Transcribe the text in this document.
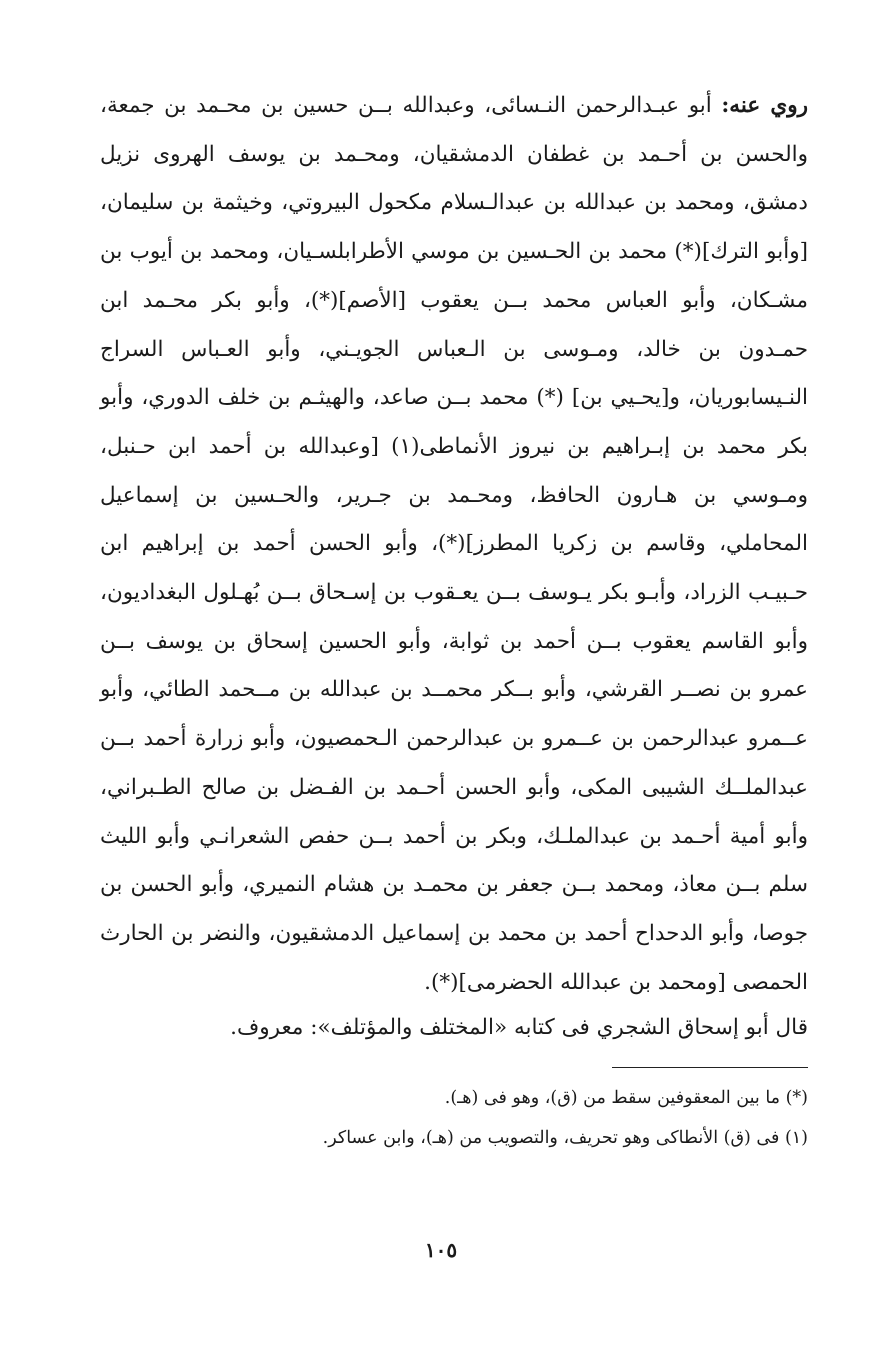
روي عنه: أبو عبـدالرحمن النـسائى، وعبدالله بــن حسين بن محـمد بن جمعة، والحسن بن أحـمد بن غطفان الدمشقيان، ومحـمد بن يوسف الهروى نزيل دمشق، ومحمد بن عبدالله بن عبدالـسلام مكحول البيروتي، وخيثمة بن سليمان، [وأبو الترك](*) محمد بن الحـسين بن موسي الأطرابلسـيان، ومحمد بن أيوب بن مشـكان، وأبو العباس محمد بــن يعقوب [الأصم](*)، وأبو بكر محـمد ابن حمـدون بن خالد، ومـوسى بن الـعباس الجويـني، وأبو العـباس السراج النـيسابوريان، و[يحـيي بن] (*) محمد بــن صاعد، والهيثـم بن خلف الدوري، وأبو بكر محمد بن إبـراهيم بن نيروز الأنماطى(١) [وعبدالله بن أحمد ابن حـنبل، ومـوسي بن هـارون الحافظ، ومحـمد بن جـرير، والحـسين بن إسماعيل المحاملي، وقاسم بن زكريا المطرز](*)، وأبو الحسن أحمد بن إبراهيم ابن حـبيـب الزراد، وأبـو بكر يـوسف بــن يعـقوب بن إسـحاق بــن بُهـلول البغداديون، وأبو القاسم يعقوب بــن أحمد بن ثوابة، وأبو الحسين إسحاق بن يوسف بــن عمرو بن نصــر القرشي، وأبو بــكر محمــد بن عبدالله بن مــحمد الطائي، وأبو عــمرو عبدالرحمن بن عــمرو بن عبدالرحمن الـحمصيون، وأبو زرارة أحمد بــن عبدالملــك الشيبى المكى، وأبو الحسن أحـمد بن الفـضل بن صالح الطـبراني، وأبو أمية أحـمد بن عبدالملـك، وبكر بن أحمد بــن حفص الشعرانـي وأبو الليث سلم بــن معاذ، ومحمد بــن جعفر بن محمـد بن هشام النميري، وأبو الحسن بن جوصا، وأبو الدحداح أحمد بن محمد بن إسماعيل الدمشقيون، والنضر بن الحارث الحمصى [ومحمد بن عبدالله الحضرمى](*).

قال أبو إسحاق الشجري فى كتابه «المختلف والمؤتلف»: معروف.

(*) ما بين المعقوفين سقط من (ق)، وهو فى (هـ).

(١) فى (ق) الأنطاكى وهو تحريف، والتصويب من (هـ)، وابن عساكر.

١٠٥
